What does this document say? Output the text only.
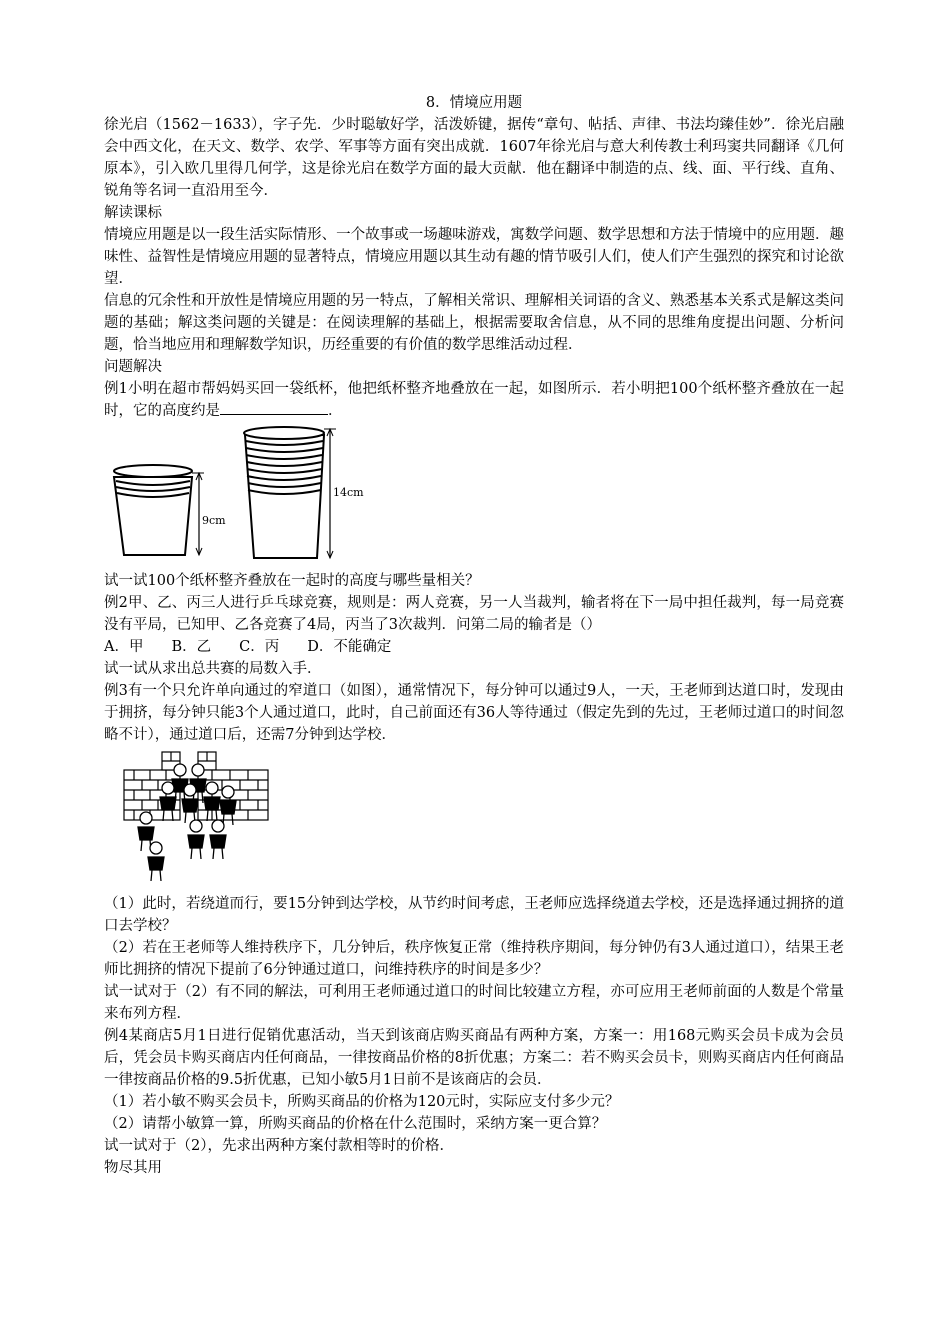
8．情境应用题

徐光启（1562－1633），字子先．少时聪敏好学，活泼娇键，据传“章句、帖括、声律、书法均臻佳妙”．徐光启融会中西文化，在天文、数学、农学、军事等方面有突出成就．1607年徐光启与意大利传教士利玛窦共同翻译《几何原本》，引入欧几里得几何学，这是徐光启在数学方面的最大贡献．他在翻译中制造的点、线、面、平行线、直角、锐角等名词一直沿用至今．

解读课标

情境应用题是以一段生活实际情形、一个故事或一场趣味游戏，寓数学问题、数学思想和方法于情境中的应用题．趣味性、益智性是情境应用题的显著特点，情境应用题以其生动有趣的情节吸引人们，使人们产生强烈的探究和讨论欲望．

信息的冗余性和开放性是情境应用题的另一特点，了解相关常识、理解相关词语的含义、熟悉基本关系式是解这类问题的基础；解这类问题的关键是：在阅读理解的基础上，根据需要取舍信息，从不同的思维角度提出问题、分析问题，恰当地应用和理解数学知识，历经重要的有价值的数学思维活动过程．

问题解决

例1小明在超市帮妈妈买回一袋纸杯，他把纸杯整齐地叠放在一起，如图所示．若小明把100个纸杯整齐叠放在一起时，它的高度约是	．

9cm
14cm

试一试100个纸杯整齐叠放在一起时的高度与哪些量相关？

例2甲、乙、丙三人进行乒乓球竞赛，规则是：两人竞赛，另一人当裁判，输者将在下一局中担任裁判，每一局竞赛没有平局，已知甲、乙各竞赛了4局，丙当了3次裁判．问第二局的输者是（）

A．甲 B．乙 C．丙 D．不能确定

试一试从求出总共赛的局数入手．

例3有一个只允许单向通过的窄道口（如图），通常情况下，每分钟可以通过9人，一天，王老师到达道口时，发现由于拥挤，每分钟只能3个人通过道口，此时，自己前面还有36人等待通过（假定先到的先过，王老师过道口的时间忽略不计），通过道口后，还需7分钟到达学校．

（1）此时，若绕道而行，要15分钟到达学校，从节约时间考虑，王老师应选择绕道去学校，还是选择通过拥挤的道口去学校？

（2）若在王老师等人维持秩序下，几分钟后，秩序恢复正常（维持秩序期间，每分钟仍有3人通过道口），结果王老师比拥挤的情况下提前了6分钟通过道口，问维持秩序的时间是多少？

试一试对于（2）有不同的解法，可利用王老师通过道口的时间比较建立方程，亦可应用王老师前面的人数是个常量来布列方程．

例4某商店5月1日进行促销优惠活动，当天到该商店购买商品有两种方案，方案一：用168元购买会员卡成为会员后，凭会员卡购买商店内任何商品，一律按商品价格的8折优惠；方案二：若不购买会员卡，则购买商店内任何商品一律按商品价格的9.5折优惠，已知小敏5月1日前不是该商店的会员．

（1）若小敏不购买会员卡，所购买商品的价格为120元时，实际应支付多少元？

（2）请帮小敏算一算，所购买商品的价格在什么范围时，采纳方案一更合算？

试一试对于（2），先求出两种方案付款相等时的价格．

物尽其用
